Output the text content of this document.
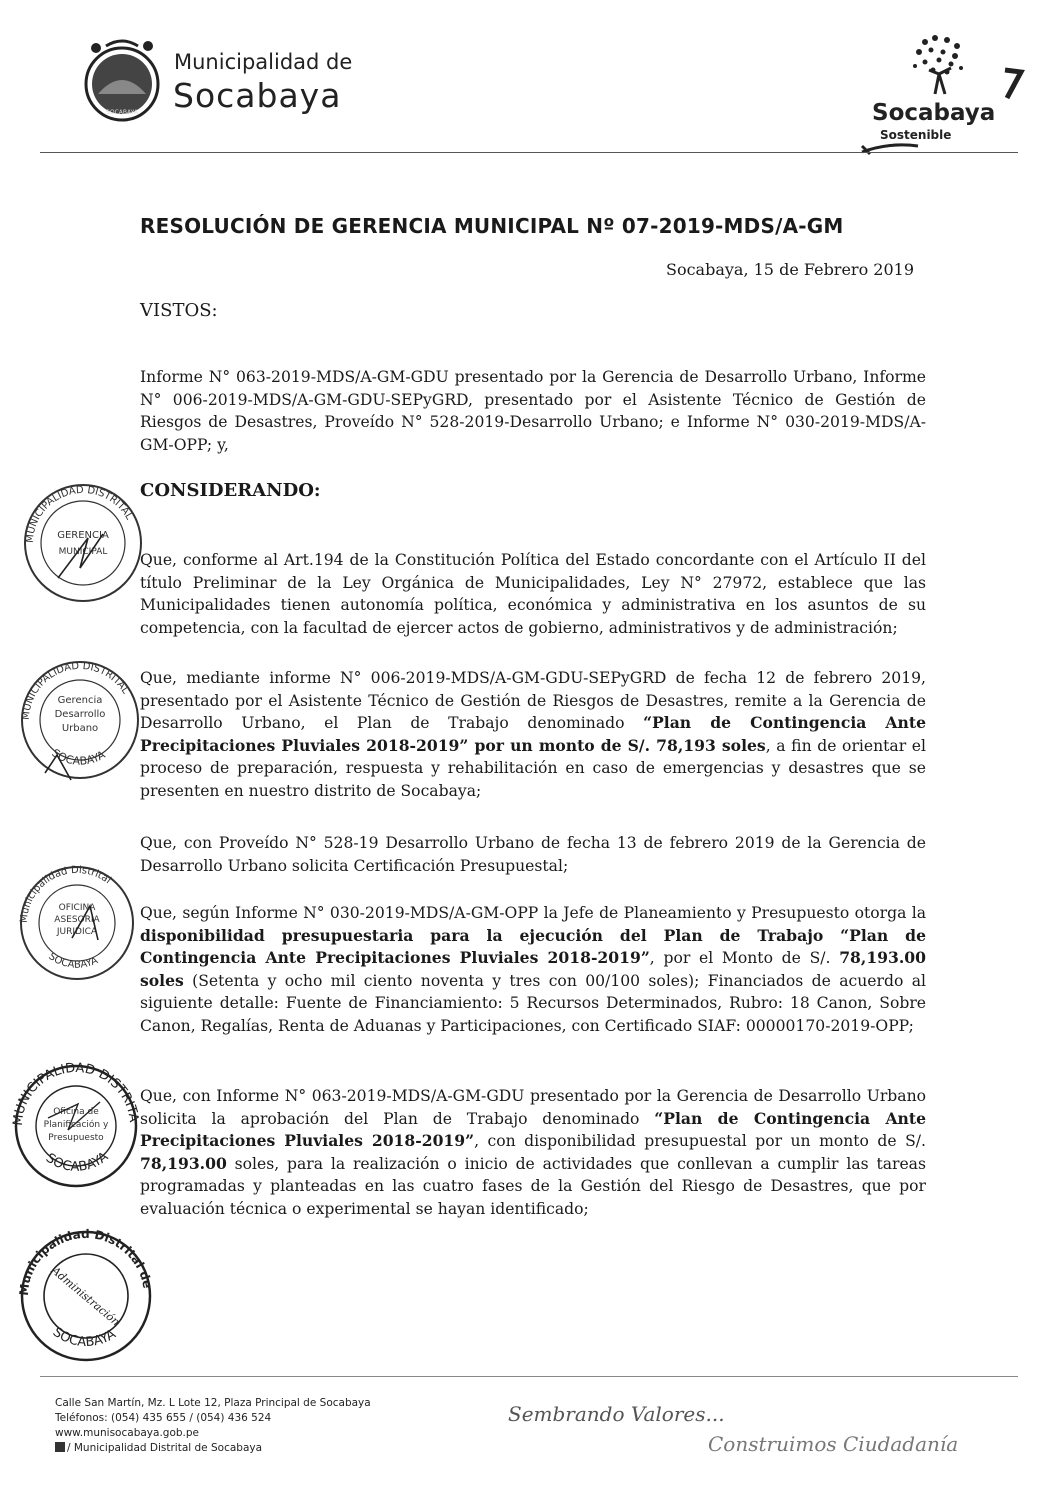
SOCABAYA
Municipalidad de
Socabaya	Socabaya
Sostenible
RESOLUCIÓN DE GERENCIA MUNICIPAL Nº 07-2019-MDS/A-GM
Socabaya, 15 de Febrero 2019
VISTOS:

Informe N° 063-2019-MDS/A-GM-GDU presentado por la Gerencia de Desarrollo Urbano, Informe N° 006-2019-MDS/A-GM-GDU-SEPyGRD, presentado por el Asistente Técnico de Gestión de Riesgos de Desastres, Proveído N° 528-2019-Desarrollo Urbano; e Informe N° 030-2019-MDS/A-GM-OPP; y,

CONSIDERANDO:

Que, conforme al Art.194 de la Constitución Política del Estado concordante con el Artículo II del título Preliminar de la Ley Orgánica de Municipalidades, Ley N° 27972, establece que las Municipalidades tienen autonomía política, económica y administrativa en los asuntos de su competencia, con la facultad de ejercer actos de gobierno, administrativos y de administración;

Que, mediante informe N° 006-2019-MDS/A-GM-GDU-SEPyGRD de fecha 12 de febrero 2019, presentado por el Asistente Técnico de Gestión de Riesgos de Desastres, remite a la Gerencia de Desarrollo Urbano, el Plan de Trabajo denominado “Plan de Contingencia Ante Precipitaciones Pluviales 2018-2019” por un monto de S/. 78,193 soles, a fin de orientar el proceso de preparación, respuesta y rehabilitación en caso de emergencias y desastres que se presenten en nuestro distrito de Socabaya;

Que, con Proveído N° 528-19 Desarrollo Urbano de fecha 13 de febrero 2019 de la Gerencia de Desarrollo Urbano solicita Certificación Presupuestal;

Que, según Informe N° 030-2019-MDS/A-GM-OPP la Jefe de Planeamiento y Presupuesto otorga la disponibilidad presupuestaria para la ejecución del Plan de Trabajo “Plan de Contingencia Ante Precipitaciones Pluviales 2018-2019”, por el Monto de S/. 78,193.00 soles (Setenta y ocho mil ciento noventa y tres con 00/100 soles); Financiados de acuerdo al siguiente detalle: Fuente de Financiamiento: 5 Recursos Determinados, Rubro: 18 Canon, Sobre Canon, Regalías, Renta de Aduanas y Participaciones, con Certificado SIAF: 00000170-2019-OPP;

Que, con Informe N° 063-2019-MDS/A-GM-GDU presentado por la Gerencia de Desarrollo Urbano solicita la aprobación del Plan de Trabajo denominado “Plan de Contingencia Ante Precipitaciones Pluviales 2018-2019”, con disponibilidad presupuestal por un monto de S/. 78,193.00 soles, para la realización o inicio de actividades que conllevan a cumplir las tareas programadas y planteadas en las cuatro fases de la Gestión del Riesgo de Desastres, que por evaluación técnica o experimental se hayan identificado;

MUNICIPALIDAD DISTRITAL
GERENCIA
MUNICIPAL
MUNICIPALIDAD DISTRITAL
SOCABAYA
Gerencia
Desarrollo
Urbano
Municipalidad Distrital
SOCABAYA
OFICINA
ASESORIA
JURIDICA
MUNICIPALIDAD DISTRITA
SOCABAYA
Oficina de
Planificación y
Presupuesto
Municipalidad Distrital de
SOCABAYA
Administración
Calle San Martín, Mz. L Lote 12, Plaza Principal de Socabaya
Teléfonos: (054) 435 655 / (054) 436 524
www.munisocabaya.gob.pe
/ Municipalidad Distrital de Socabaya
Sembrando Valores...
Construimos Ciudadanía
